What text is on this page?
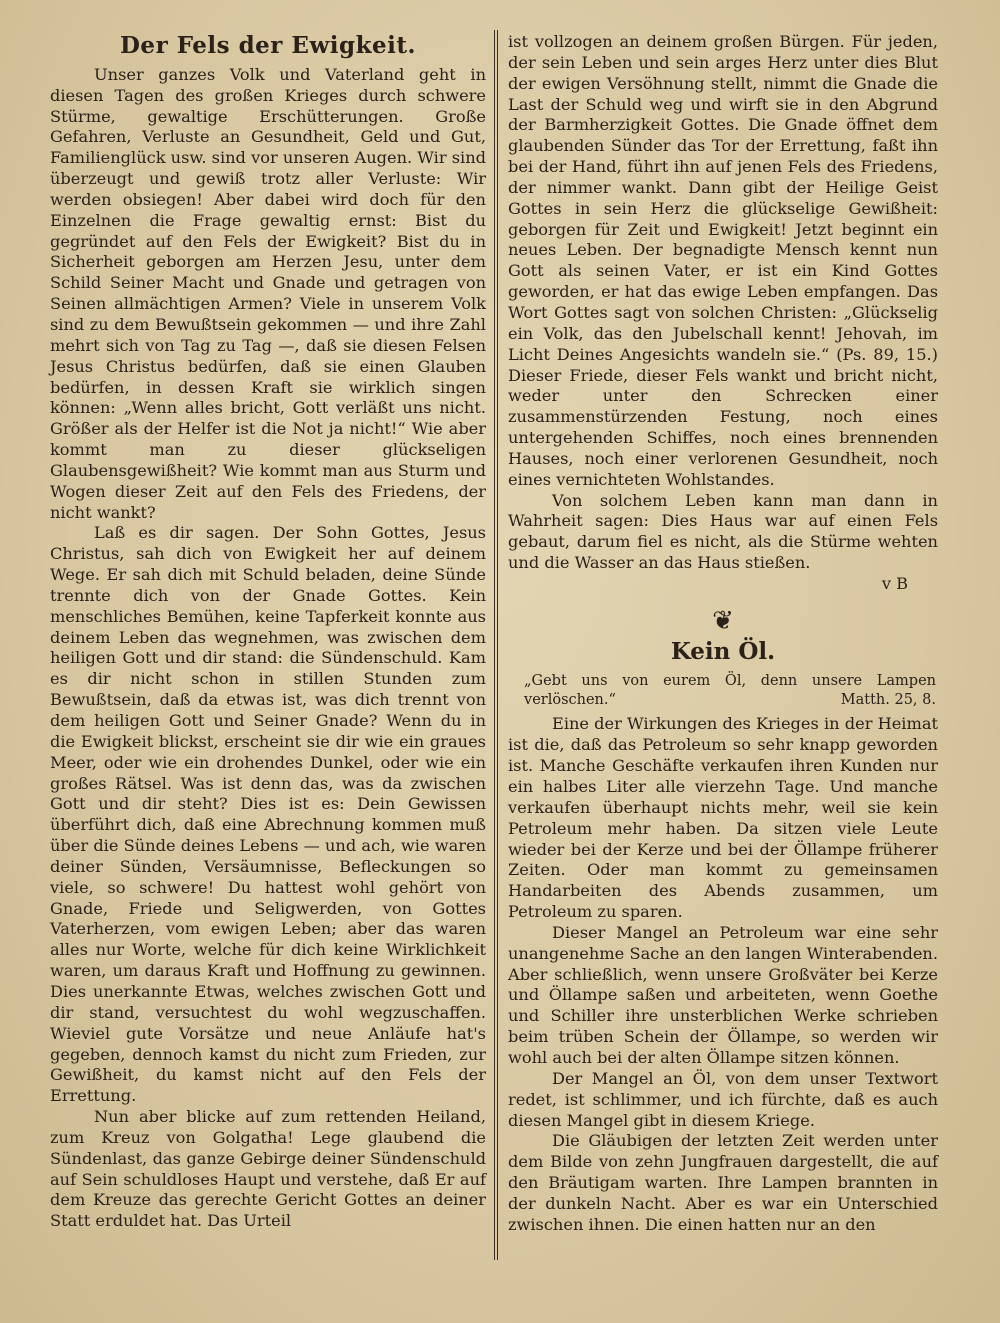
Der Fels der Ewigkeit.

Unser ganzes Volk und Vaterland geht in diesen Tagen des großen Krieges durch schwere Stürme, gewaltige Erschütterungen. Große Gefahren, Verluste an Gesundheit, Geld und Gut, Familienglück usw. sind vor unseren Augen. Wir sind überzeugt und gewiß trotz aller Verluste: Wir werden obsiegen! Aber dabei wird doch für den Einzelnen die Frage gewaltig ernst: Bist du gegründet auf den Fels der Ewigkeit? Bist du in Sicherheit geborgen am Herzen Jesu, unter dem Schild Seiner Macht und Gnade und getragen von Seinen allmächtigen Armen? Viele in unserem Volk sind zu dem Bewußtsein gekommen — und ihre Zahl mehrt sich von Tag zu Tag —, daß sie diesen Felsen Jesus Christus bedürfen, daß sie einen Glauben bedürfen, in dessen Kraft sie wirklich singen können: „Wenn alles bricht, Gott verläßt uns nicht. Größer als der Helfer ist die Not ja nicht!“ Wie aber kommt man zu dieser glückseligen Glaubensgewißheit? Wie kommt man aus Sturm und Wogen dieser Zeit auf den Fels des Friedens, der nicht wankt?

Laß es dir sagen. Der Sohn Gottes, Jesus Christus, sah dich von Ewigkeit her auf deinem Wege. Er sah dich mit Schuld beladen, deine Sünde trennte dich von der Gnade Gottes. Kein menschliches Bemühen, keine Tapferkeit konnte aus deinem Leben das wegnehmen, was zwischen dem heiligen Gott und dir stand: die Sündenschuld. Kam es dir nicht schon in stillen Stunden zum Bewußtsein, daß da etwas ist, was dich trennt von dem heiligen Gott und Seiner Gnade? Wenn du in die Ewigkeit blickst, erscheint sie dir wie ein graues Meer, oder wie ein drohendes Dunkel, oder wie ein großes Rätsel. Was ist denn das, was da zwischen Gott und dir steht? Dies ist es: Dein Gewissen überführt dich, daß eine Abrechnung kommen muß über die Sünde deines Lebens — und ach, wie waren deiner Sünden, Versäumnisse, Befleckungen so viele, so schwere! Du hattest wohl gehört von Gnade, Friede und Seligwerden, von Gottes Vaterherzen, vom ewigen Leben; aber das waren alles nur Worte, welche für dich keine Wirklichkeit waren, um daraus Kraft und Hoffnung zu gewinnen. Dies unerkannte Etwas, welches zwischen Gott und dir stand, versuchtest du wohl wegzuschaffen. Wieviel gute Vorsätze und neue Anläufe hat's gegeben, dennoch kamst du nicht zum Frieden, zur Gewißheit, du kamst nicht auf den Fels der Errettung.

Nun aber blicke auf zum rettenden Heiland, zum Kreuz von Golgatha! Lege glaubend die Sündenlast, das ganze Gebirge deiner Sündenschuld auf Sein schuldloses Haupt und verstehe, daß Er auf dem Kreuze das gerechte Gericht Gottes an deiner Statt erduldet hat. Das Urteil

ist vollzogen an deinem großen Bürgen. Für jeden, der sein Leben und sein arges Herz unter dies Blut der ewigen Versöhnung stellt, nimmt die Gnade die Last der Schuld weg und wirft sie in den Abgrund der Barmherzigkeit Gottes. Die Gnade öffnet dem glaubenden Sünder das Tor der Errettung, faßt ihn bei der Hand, führt ihn auf jenen Fels des Friedens, der nimmer wankt. Dann gibt der Heilige Geist Gottes in sein Herz die glückselige Gewißheit: geborgen für Zeit und Ewigkeit! Jetzt beginnt ein neues Leben. Der begnadigte Mensch kennt nun Gott als seinen Vater, er ist ein Kind Gottes geworden, er hat das ewige Leben empfangen. Das Wort Gottes sagt von solchen Christen: „Glückselig ein Volk, das den Jubelschall kennt! Jehovah, im Licht Deines Angesichts wandeln sie.“ (Ps. 89, 15.) Dieser Friede, dieser Fels wankt und bricht nicht, weder unter den Schrecken einer zusammenstürzenden Festung, noch eines untergehenden Schiffes, noch eines brennenden Hauses, noch einer verlorenen Gesundheit, noch eines vernichteten Wohlstandes.

Von solchem Leben kann man dann in Wahrheit sagen: Dies Haus war auf einen Fels gebaut, darum fiel es nicht, als die Stürme wehten und die Wasser an das Haus stießen.

v B
❦
Kein Öl.
„Gebt uns von eurem Öl, denn unsere Lampen verlöschen.“	Matth. 25, 8.

Eine der Wirkungen des Krieges in der Heimat ist die, daß das Petroleum so sehr knapp geworden ist. Manche Geschäfte verkaufen ihren Kunden nur ein halbes Liter alle vierzehn Tage. Und manche verkaufen überhaupt nichts mehr, weil sie kein Petroleum mehr haben. Da sitzen viele Leute wieder bei der Kerze und bei der Öllampe früherer Zeiten. Oder man kommt zu gemeinsamen Handarbeiten des Abends zusammen, um Petroleum zu sparen.

Dieser Mangel an Petroleum war eine sehr unangenehme Sache an den langen Winterabenden. Aber schließlich, wenn unsere Großväter bei Kerze und Öllampe saßen und arbeiteten, wenn Goethe und Schiller ihre unsterblichen Werke schrieben beim trüben Schein der Öllampe, so werden wir wohl auch bei der alten Öllampe sitzen können.

Der Mangel an Öl, von dem unser Textwort redet, ist schlimmer, und ich fürchte, daß es auch diesen Mangel gibt in diesem Kriege.

Die Gläubigen der letzten Zeit werden unter dem Bilde von zehn Jungfrauen dargestellt, die auf den Bräutigam warten. Ihre Lampen brannten in der dunkeln Nacht. Aber es war ein Unterschied zwischen ihnen. Die einen hatten nur an den
